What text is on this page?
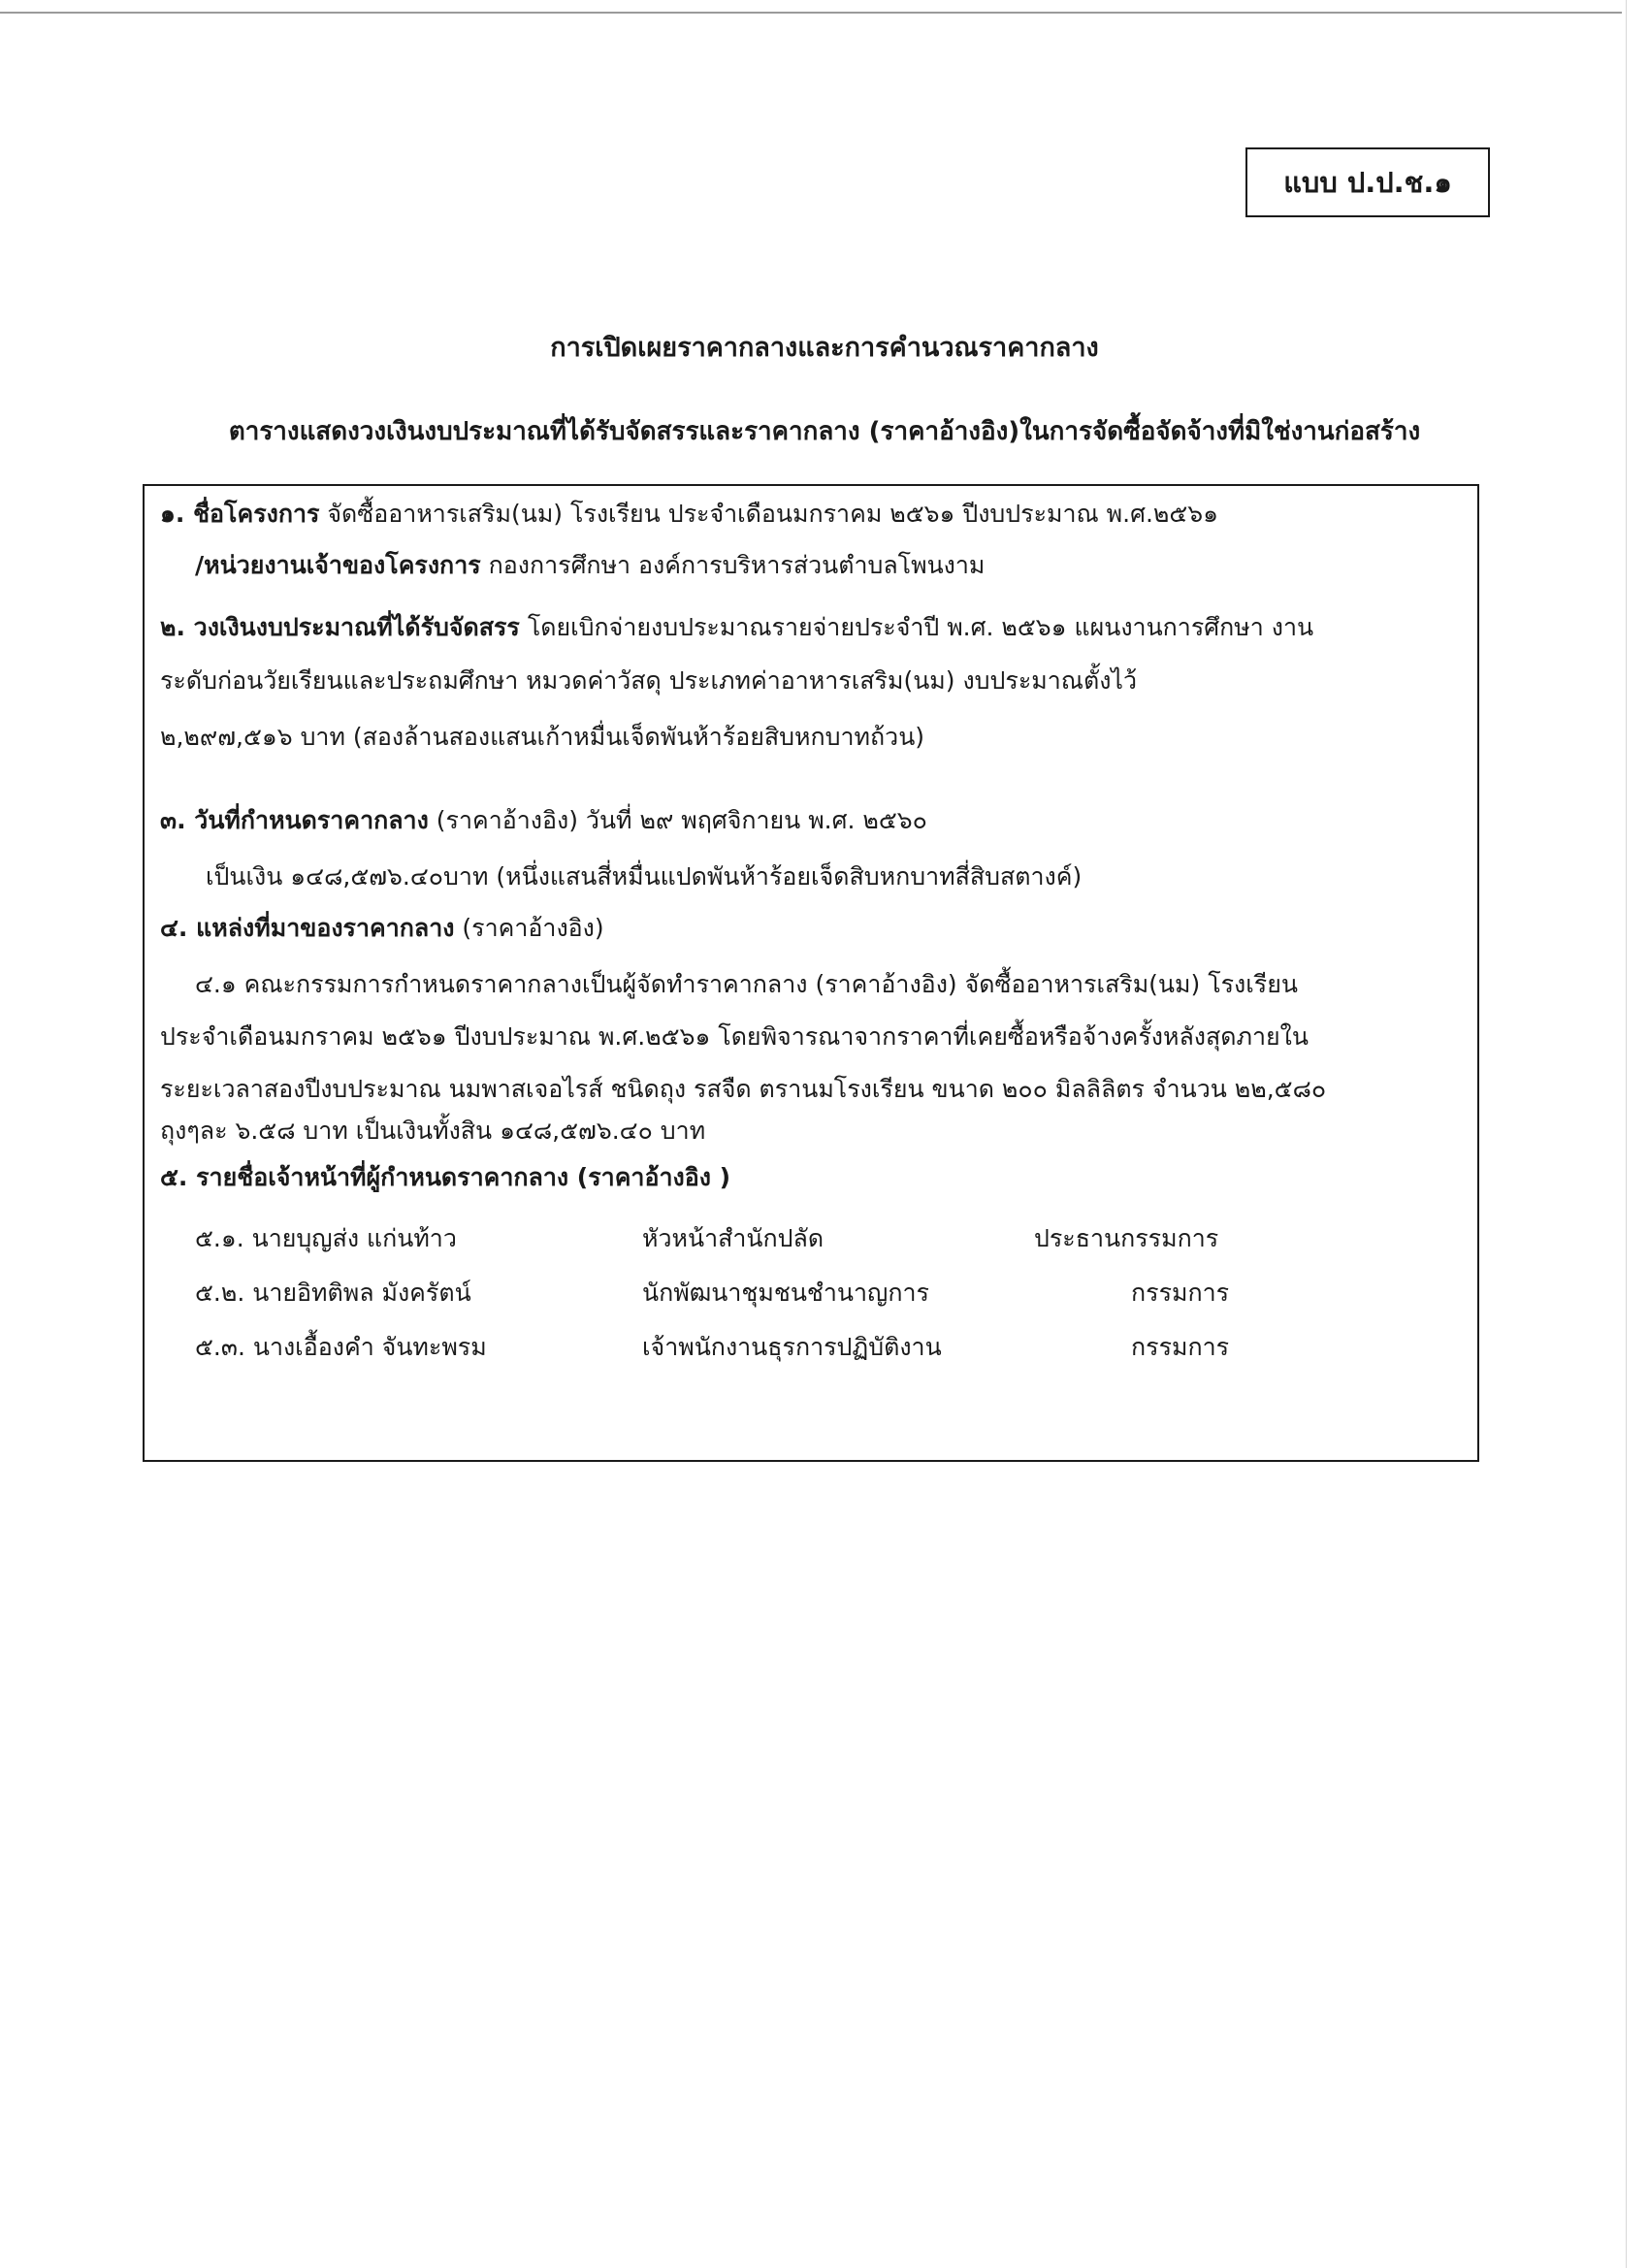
แบบ ป.ป.ช.๑
การเปิดเผยราคากลางและการคำนวณราคากลาง
ตารางแสดงวงเงินงบประมาณที่ได้รับจัดสรรและราคากลาง (ราคาอ้างอิง)ในการจัดซื้อจัดจ้างที่มิใช่งานก่อสร้าง
๑. ชื่อโครงการ จัดซื้ออาหารเสริม(นม) โรงเรียน ประจำเดือนมกราคม ๒๕๖๑ ปีงบประมาณ พ.ศ.๒๕๖๑
/หน่วยงานเจ้าของโครงการ กองการศึกษา องค์การบริหารส่วนตำบลโพนงาม
๒. วงเงินงบประมาณที่ได้รับจัดสรร โดยเบิกจ่ายงบประมาณรายจ่ายประจำปี พ.ศ. ๒๕๖๑ แผนงานการศึกษา งาน
ระดับก่อนวัยเรียนและประถมศึกษา หมวดค่าวัสดุ ประเภทค่าอาหารเสริม(นม) งบประมาณตั้งไว้
๒,๒๙๗,๕๑๖ บาท (สองล้านสองแสนเก้าหมื่นเจ็ดพันห้าร้อยสิบหกบาทถ้วน)
๓. วันที่กำหนดราคากลาง (ราคาอ้างอิง) วันที่ ๒๙ พฤศจิกายน พ.ศ. ๒๕๖๐
เป็นเงิน ๑๔๘,๕๗๖.๔๐บาท (หนึ่งแสนสี่หมื่นแปดพันห้าร้อยเจ็ดสิบหกบาทสี่สิบสตางค์)
๔. แหล่งที่มาของราคากลาง (ราคาอ้างอิง)
๔.๑ คณะกรรมการกำหนดราคากลางเป็นผู้จัดทำราคากลาง (ราคาอ้างอิง) จัดซื้ออาหารเสริม(นม) โรงเรียน
ประจำเดือนมกราคม ๒๕๖๑ ปีงบประมาณ พ.ศ.๒๕๖๑ โดยพิจารณาจากราคาที่เคยซื้อหรือจ้างครั้งหลังสุดภายใน
ระยะเวลาสองปีงบประมาณ นมพาสเจอไรส์ ชนิดถุง รสจืด ตรานมโรงเรียน ขนาด ๒๐๐ มิลลิลิตร จำนวน ๒๒,๕๘๐
ถุงๆละ ๖.๕๘ บาท เป็นเงินทั้งสิน ๑๔๘,๕๗๖.๔๐ บาท
๕. รายชื่อเจ้าหน้าที่ผู้กำหนดราคากลาง (ราคาอ้างอิง )
๕.๑. นายบุญส่ง แก่นท้าว	หัวหน้าสำนักปลัด	ประธานกรรมการ
๕.๒. นายอิทติพล มังครัตน์	นักพัฒนาชุมชนชำนาญการ	กรรมการ
๕.๓. นางเอื้องคำ จันทะพรม	เจ้าพนักงานธุรการปฏิบัติงาน	กรรมการ
